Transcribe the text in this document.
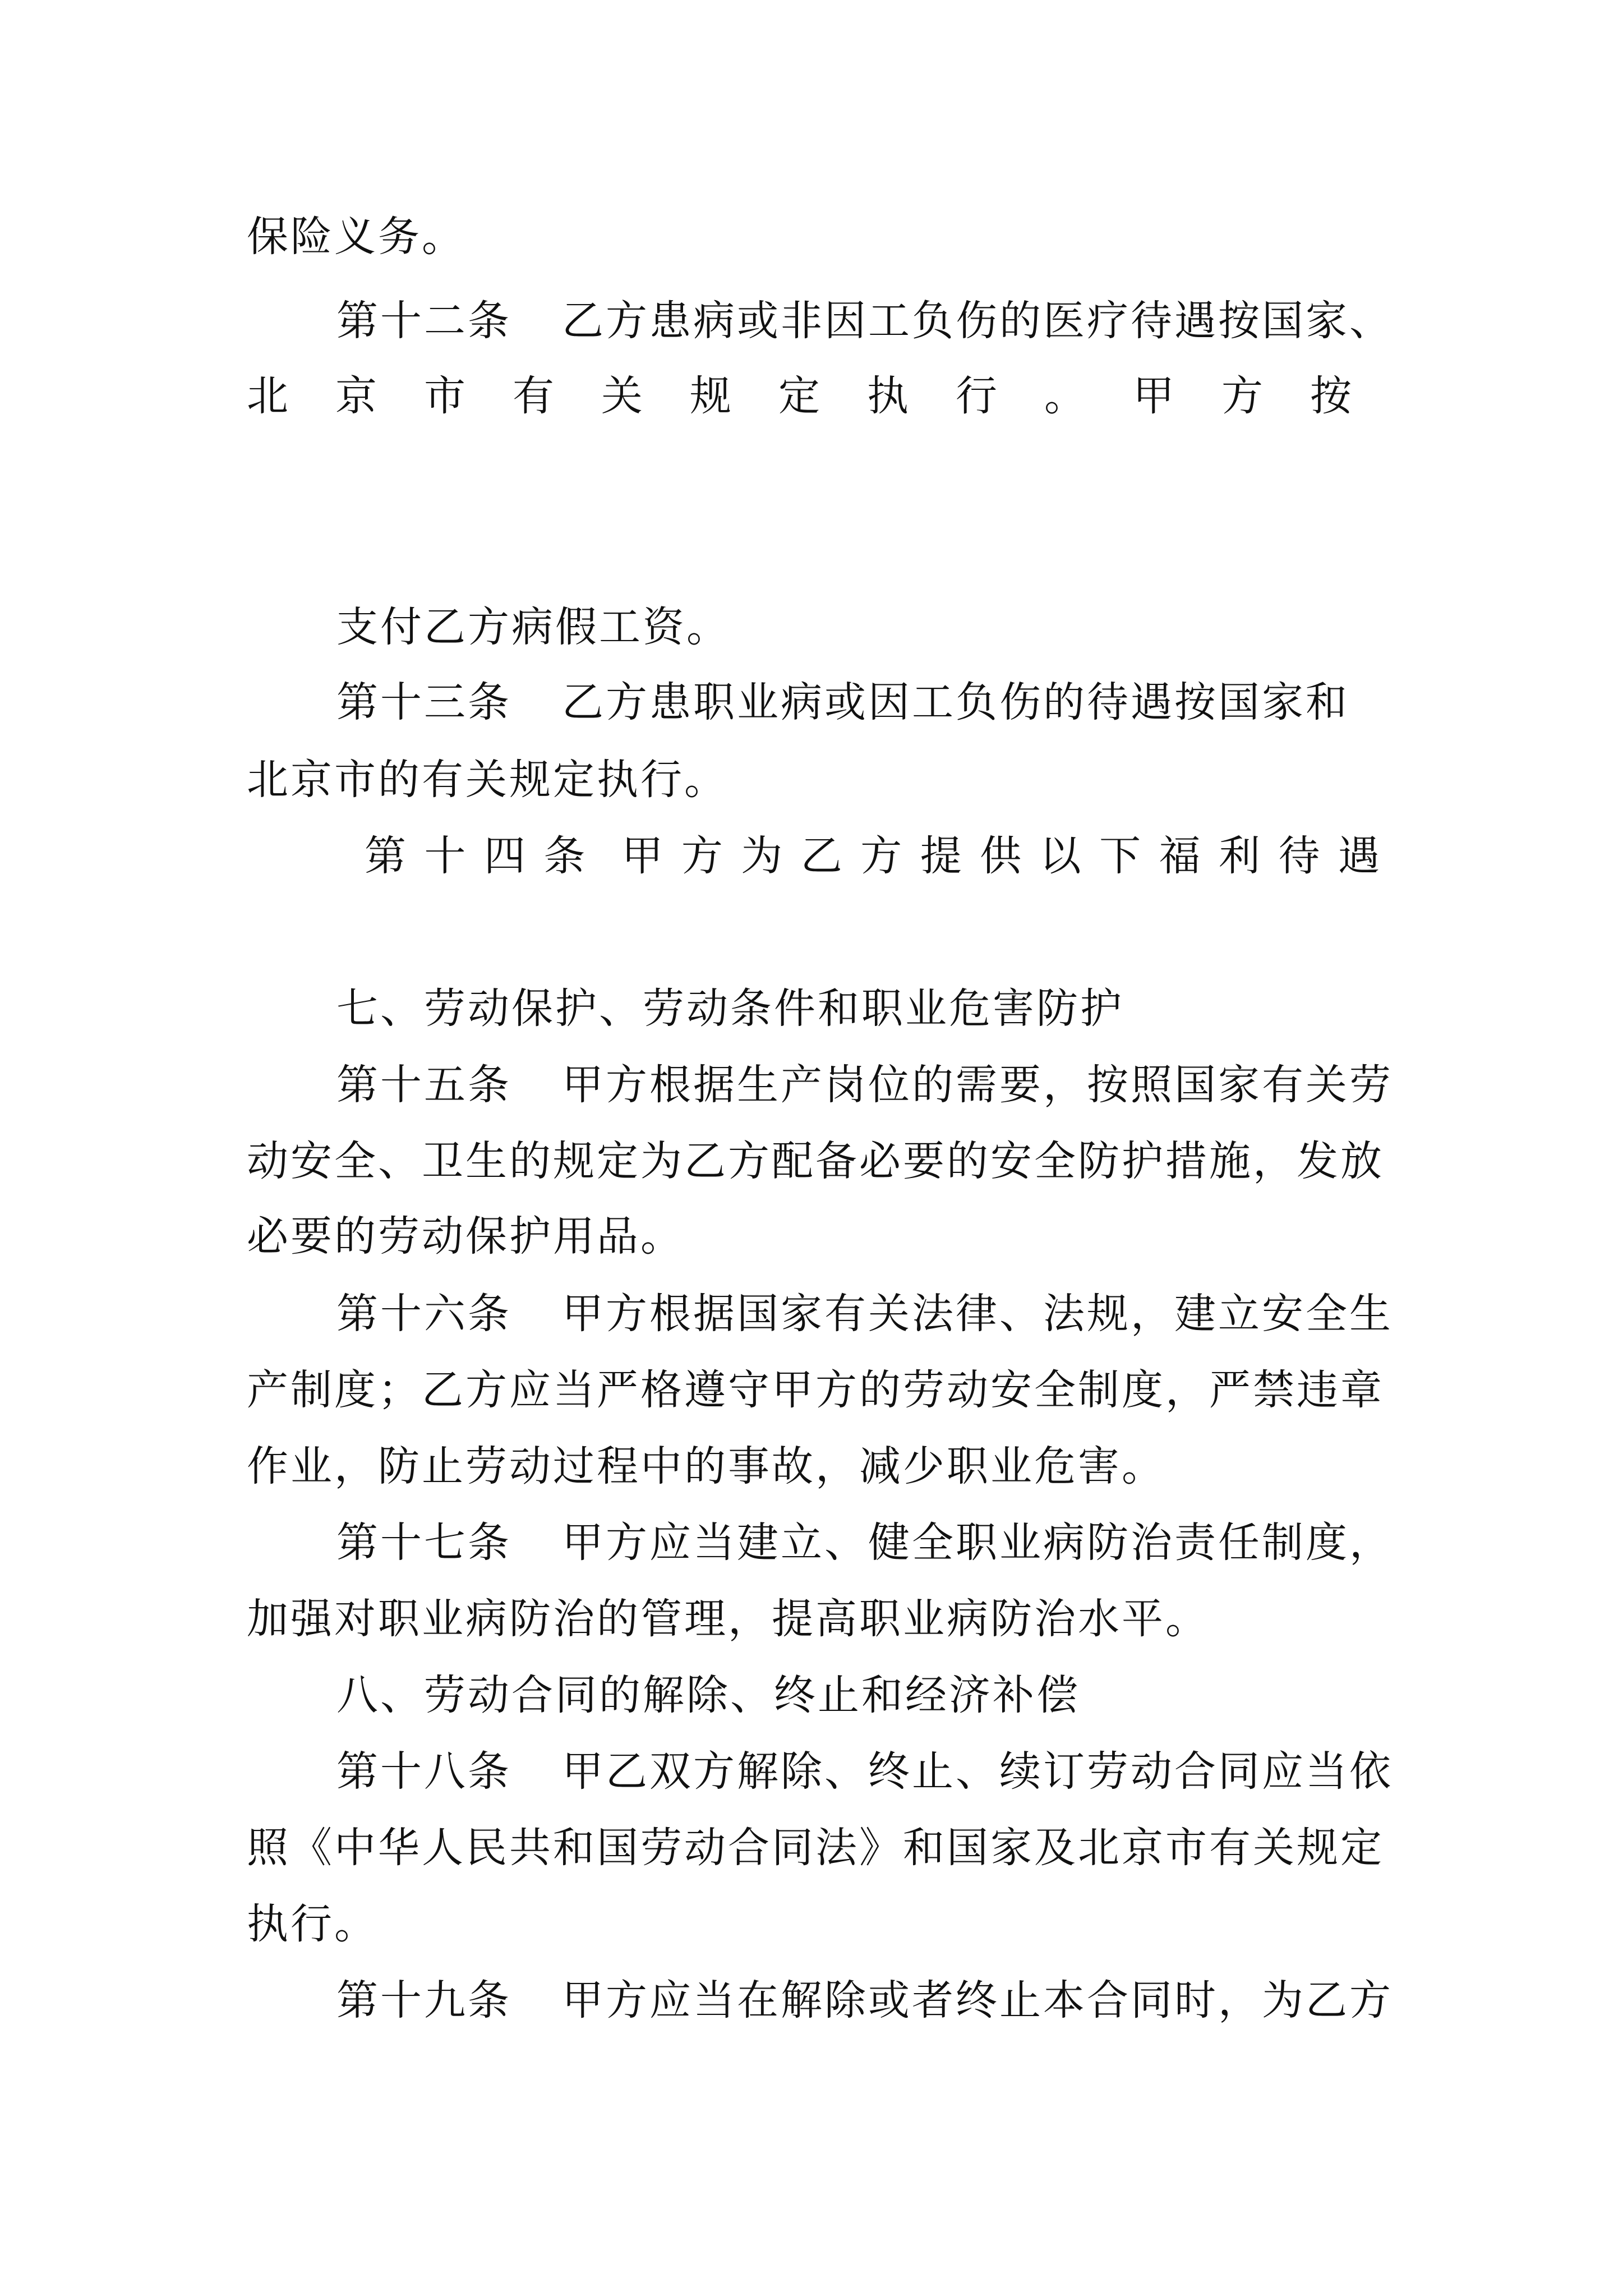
保险义务。
第十二条 乙方患病或非因工负伤的医疗待遇按国家、
北 京 市 有 关 规 定 执 行 。 甲 方 按
支付乙方病假工资。
第十三条 乙方患职业病或因工负伤的待遇按国家和
北京市的有关规定执行。
第 十 四 条 甲 方 为 乙 方 提 供 以 下 福 利 待 遇
七、劳动保护、劳动条件和职业危害防护
第十五条 甲方根据生产岗位的需要，按照国家有关劳
动安全、卫生的规定为乙方配备必要的安全防护措施，发放
必要的劳动保护用品。
第十六条 甲方根据国家有关法律、法规，建立安全生
产制度；乙方应当严格遵守甲方的劳动安全制度，严禁违章
作业，防止劳动过程中的事故，减少职业危害。
第十七条 甲方应当建立、健全职业病防治责任制度，
加强对职业病防治的管理，提高职业病防治水平。
八、劳动合同的解除、终止和经济补偿
第十八条 甲乙双方解除、终止、续订劳动合同应当依
照《中华人民共和国劳动合同法》和国家及北京市有关规定
执行。
第十九条 甲方应当在解除或者终止本合同时，为乙方
